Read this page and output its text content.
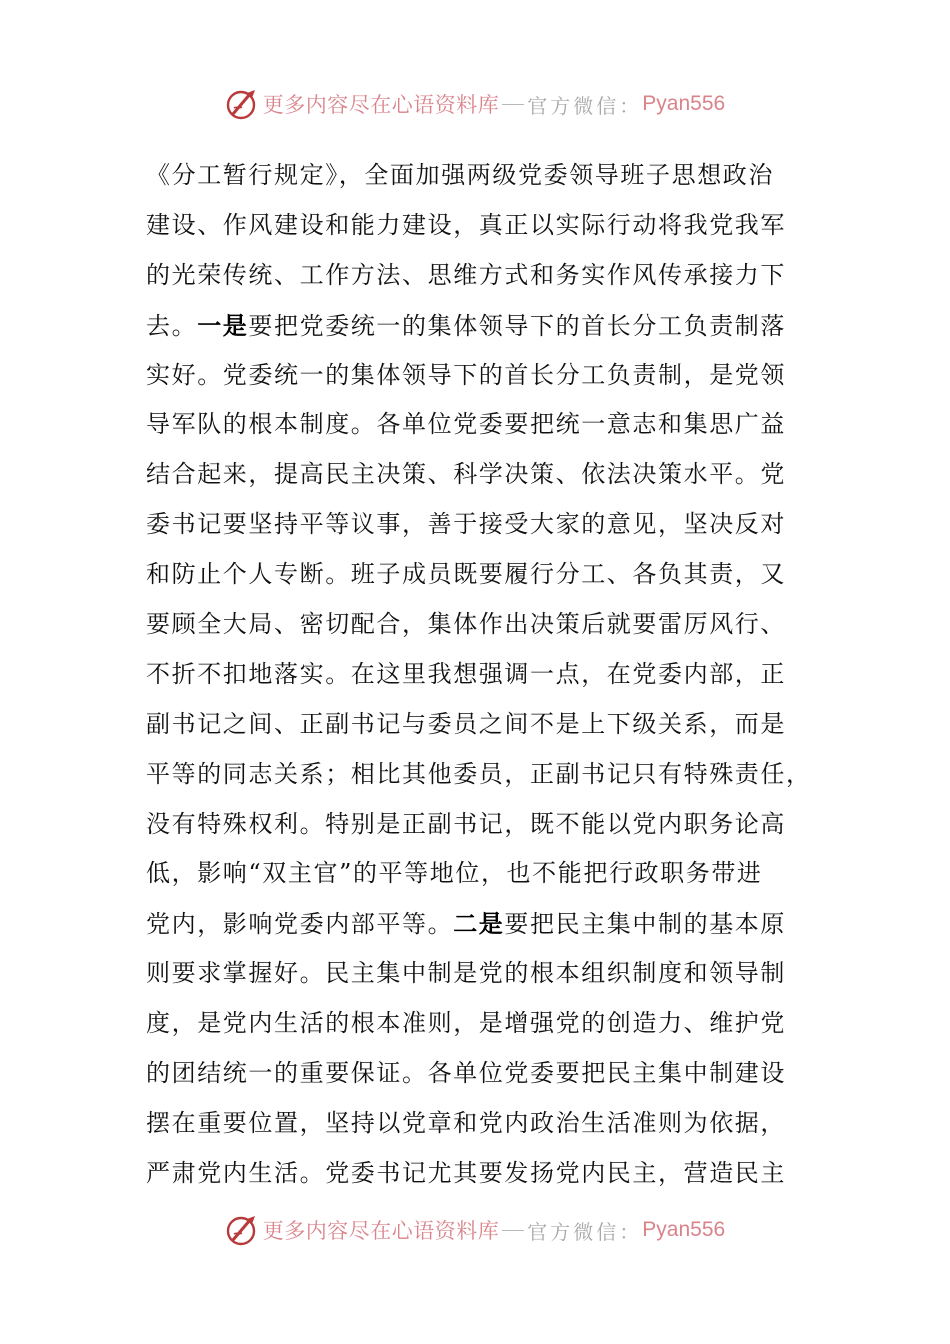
更多内容尽在心语资料库 官方微信： Pyan556
《分工暂行规定》，全面加强两级党委领导班子思想政治
建设、作风建设和能力建设，真正以实际行动将我党我军
的光荣传统、工作方法、思维方式和务实作风传承接力下
去。一是要把党委统一的集体领导下的首长分工负责制落
实好。党委统一的集体领导下的首长分工负责制，是党领
导军队的根本制度。各单位党委要把统一意志和集思广益
结合起来，提高民主决策、科学决策、依法决策水平。党
委书记要坚持平等议事，善于接受大家的意见，坚决反对
和防止个人专断。班子成员既要履行分工、各负其责，又
要顾全大局、密切配合，集体作出决策后就要雷厉风行、
不折不扣地落实。在这里我想强调一点，在党委内部，正
副书记之间、正副书记与委员之间不是上下级关系，而是
平等的同志关系；相比其他委员，正副书记只有特殊责任，
没有特殊权利。特别是正副书记，既不能以党内职务论高
低，影响“双主官”的平等地位，也不能把行政职务带进
党内，影响党委内部平等。二是要把民主集中制的基本原
则要求掌握好。民主集中制是党的根本组织制度和领导制
度，是党内生活的根本准则，是增强党的创造力、维护党
的团结统一的重要保证。各单位党委要把民主集中制建设
摆在重要位置，坚持以党章和党内政治生活准则为依据，
严肃党内生活。党委书记尤其要发扬党内民主，营造民主
更多内容尽在心语资料库 官方微信： Pyan556
